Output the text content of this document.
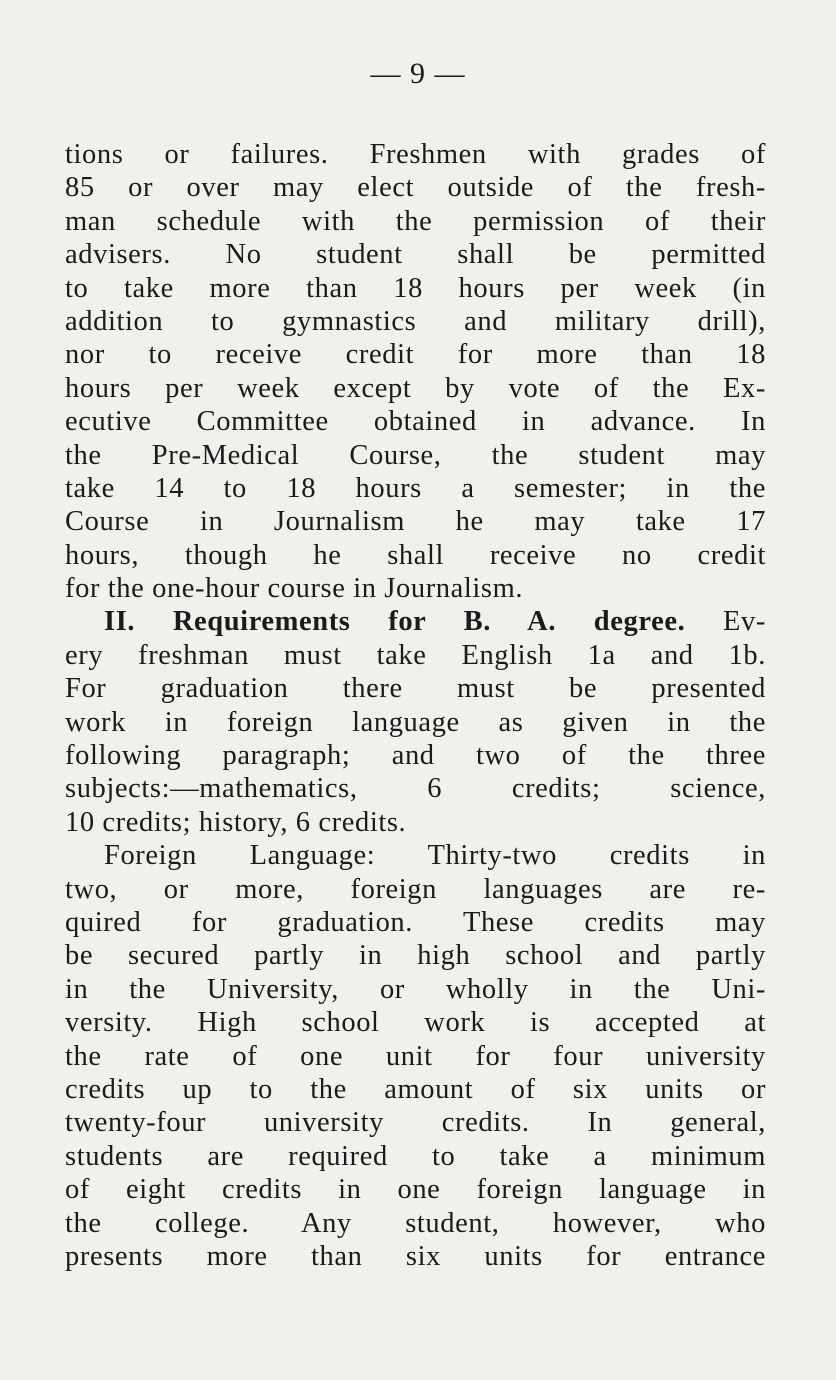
— 9 —
tions or failures. Freshmen with grades of
85 or over may elect outside of the fresh-
man schedule with the permission of their
advisers. No student shall be permitted
to take more than 18 hours per week (in
addition to gymnastics and military drill),
nor to receive credit for more than 18
hours per week except by vote of the Ex-
ecutive Committee obtained in advance. In
the Pre-Medical Course, the student may
take 14 to 18 hours a semester; in the
Course in Journalism he may take 17
hours, though he shall receive no credit
for the one-hour course in Journalism.
II. Requirements for B. A. degree. Ev-
ery freshman must take English 1a and 1b.
For graduation there must be presented
work in foreign language as given in the
following paragraph; and two of the three
subjects:—mathematics, 6 credits; science,
10 credits; history, 6 credits.
Foreign Language: Thirty-two credits in
two, or more, foreign languages are re-
quired for graduation. These credits may
be secured partly in high school and partly
in the University, or wholly in the Uni-
versity. High school work is accepted at
the rate of one unit for four university
credits up to the amount of six units or
twenty-four university credits. In general,
students are required to take a minimum
of eight credits in one foreign language in
the college. Any student, however, who
presents more than six units for entrance
